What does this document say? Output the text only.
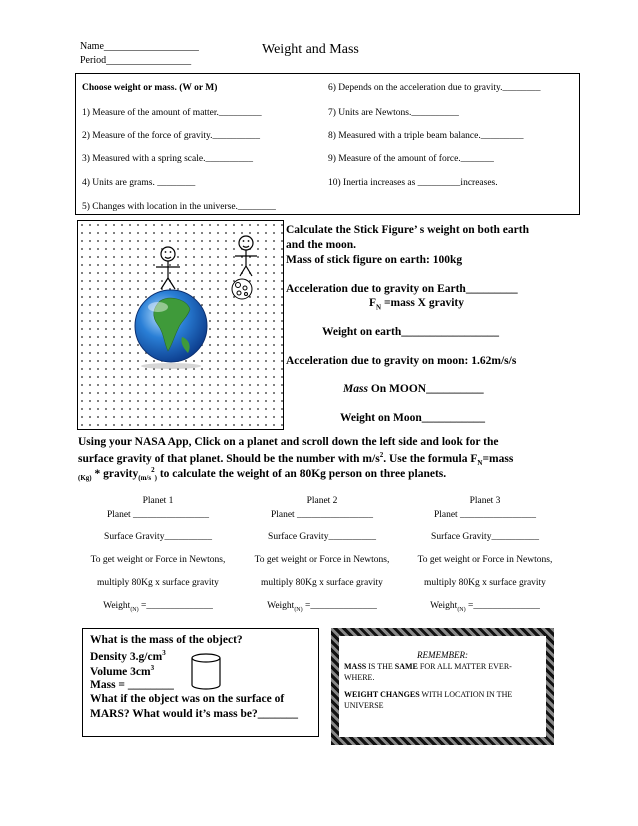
Name___________________
Period_________________
Weight and Mass
Choose weight or mass. (W or M)
1) Measure of the amount of matter._________
2) Measure of the force of gravity.__________
3) Measured with a spring scale.__________
4) Units are grams. ________
5) Changes with location in the universe.________
6) Depends on the acceleration due to gravity.________
7) Units are Newtons.__________
8) Measured with a triple beam balance._________
9) Measure of the amount of force._______
10) Inertia increases as _________increases.
Calculate the Stick Figure’ s weight on both earth
and the moon.
Mass of stick figure on earth: 100kg
Acceleration due to gravity on Earth_________
$F_N$ =mass X gravity
Weight on earth_________________
Acceleration due to gravity on moon: 1.62m/s/s
Mass On MOON__________
Weight on Moon___________
Using your NASA App, Click on a planet and scroll down the left side and look for the
surface gravity of that planet. Should be the number with $m/s^2$. Use the formula $F_N=mass$
$_{(Kg)}$ * gravity$_{(m/s}^2_)$ to calculate the weight of an 80Kg person on three planets.
Planet 1
Planet ________________
Surface Gravity__________
To get weight or Force in Newtons,
multiply 80Kg x surface gravity
Weight$_{(N)}$ =______________
Planet 2
Planet ________________
Surface Gravity__________
To get weight or Force in Newtons,
multiply 80Kg x surface gravity
Weight$_{(N)}$ =______________
Planet 3
Planet ________________
Surface Gravity__________
To get weight or Force in Newtons,
multiply 80Kg x surface gravity
Weight$_{(N)}$ =______________
What is the mass of the object?
Density $3.g/cm^3$
Volume $3cm^3$
Mass = ________
What if the object was on the surface of
MARS? What would it’s mass be?_______
REMEMBER:
MASS IS THE SAME FOR ALL MATTER EVER-
WHERE.
WEIGHT CHANGES WITH LOCATION IN THE
UNIVERSE
